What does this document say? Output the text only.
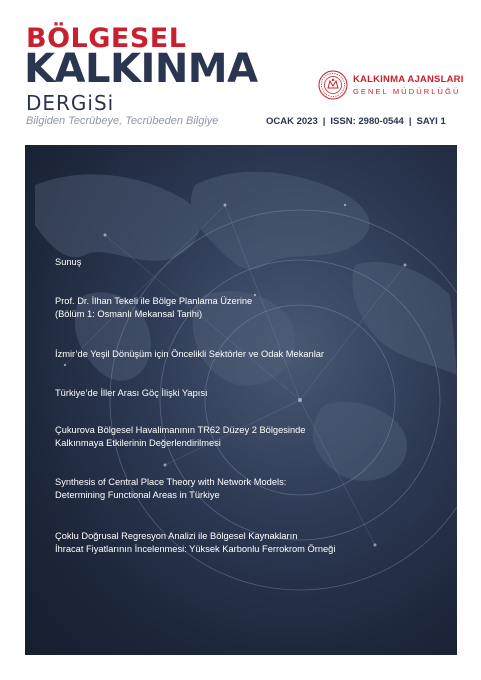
BÖLGESEL
KALKINMA
DERGiSi
Bilgiden Tecrübeye, Tecrübeden Bilgiye	OCAK 2023 | ISSN: 2980-0544 | SAYI 1
KALKINMA AJANSLARI
GENEL MÜDÜRLÜĞÜ
Sunuş
Prof. Dr. İlhan Tekeli ile Bölge Planlama Üzerine
(Bölüm 1: Osmanlı Mekansal Tarihi)
İzmir’de Yeşil Dönüşüm için Öncelikli Sektörler ve Odak Mekanlar
Türkiye’de İller Arası Göç İlişki Yapısı
Çukurova Bölgesel Havalimanının TR62 Düzey 2 Bölgesinde
Kalkınmaya Etkilerinin Değerlendirilmesi
Synthesis of Central Place Theory with Network Models:
Determining Functional Areas in Türkiye
Çoklu Doğrusal Regresyon Analizi ile Bölgesel Kaynakların
İhracat Fiyatlarının İncelenmesi: Yüksek Karbonlu Ferrokrom Örneği
